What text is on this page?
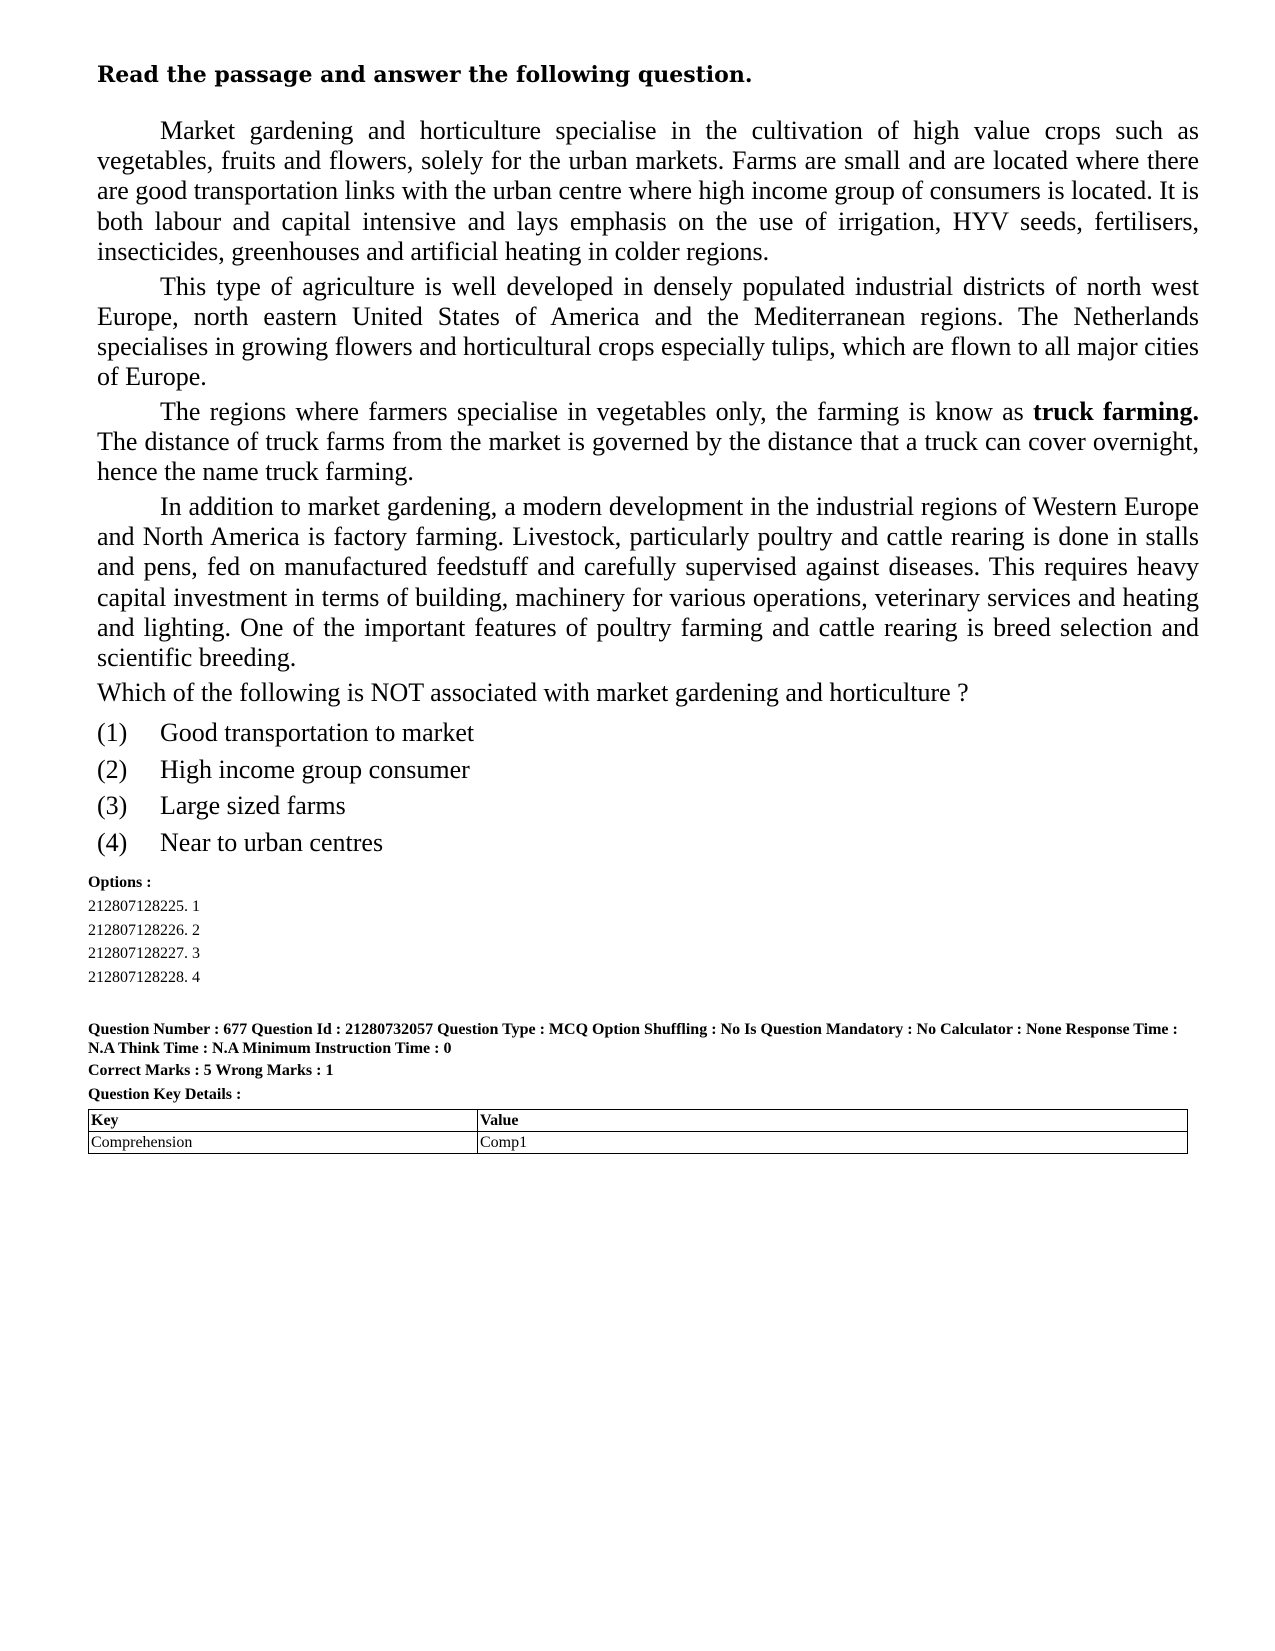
Read the passage and answer the following question.

Market gardening and horticulture specialise in the cultivation of high value crops such as vegetables, fruits and flowers, solely for the urban markets. Farms are small and are located where there are good transportation links with the urban centre where high income group of consumers is located. It is both labour and capital intensive and lays emphasis on the use of irrigation, HYV seeds, fertilisers, insecticides, greenhouses and artificial heating in colder regions.

This type of agriculture is well developed in densely populated industrial districts of north west Europe, north eastern United States of America and the Mediterranean regions. The Netherlands specialises in growing flowers and horticultural crops especially tulips, which are flown to all major cities of Europe.

The regions where farmers specialise in vegetables only, the farming is know as truck farming. The distance of truck farms from the market is governed by the distance that a truck can cover overnight, hence the name truck farming.

In addition to market gardening, a modern development in the industrial regions of Western Europe and North America is factory farming. Livestock, particularly poultry and cattle rearing is done in stalls and pens, fed on manufactured feedstuff and carefully supervised against diseases. This requires heavy capital investment in terms of building, machinery for various operations, veterinary services and heating and lighting. One of the important features of poultry farming and cattle rearing is breed selection and scientific breeding.

Which of the following is NOT associated with market gardening and horticulture ?

(1)	Good transportation to market
(2)	High income group consumer
(3)	Large sized farms
(4)	Near to urban centres
Options :
212807128225. 1
212807128226. 2
212807128227. 3
212807128228. 4
Question Number : 677 Question Id : 21280732057 Question Type : MCQ Option Shuffling : No Is Question Mandatory : No Calculator : None Response Time : N.A Think Time : N.A Minimum Instruction Time : 0
Correct Marks : 5 Wrong Marks : 1
Question Key Details :
Key	Value
Comprehension	Comp1
